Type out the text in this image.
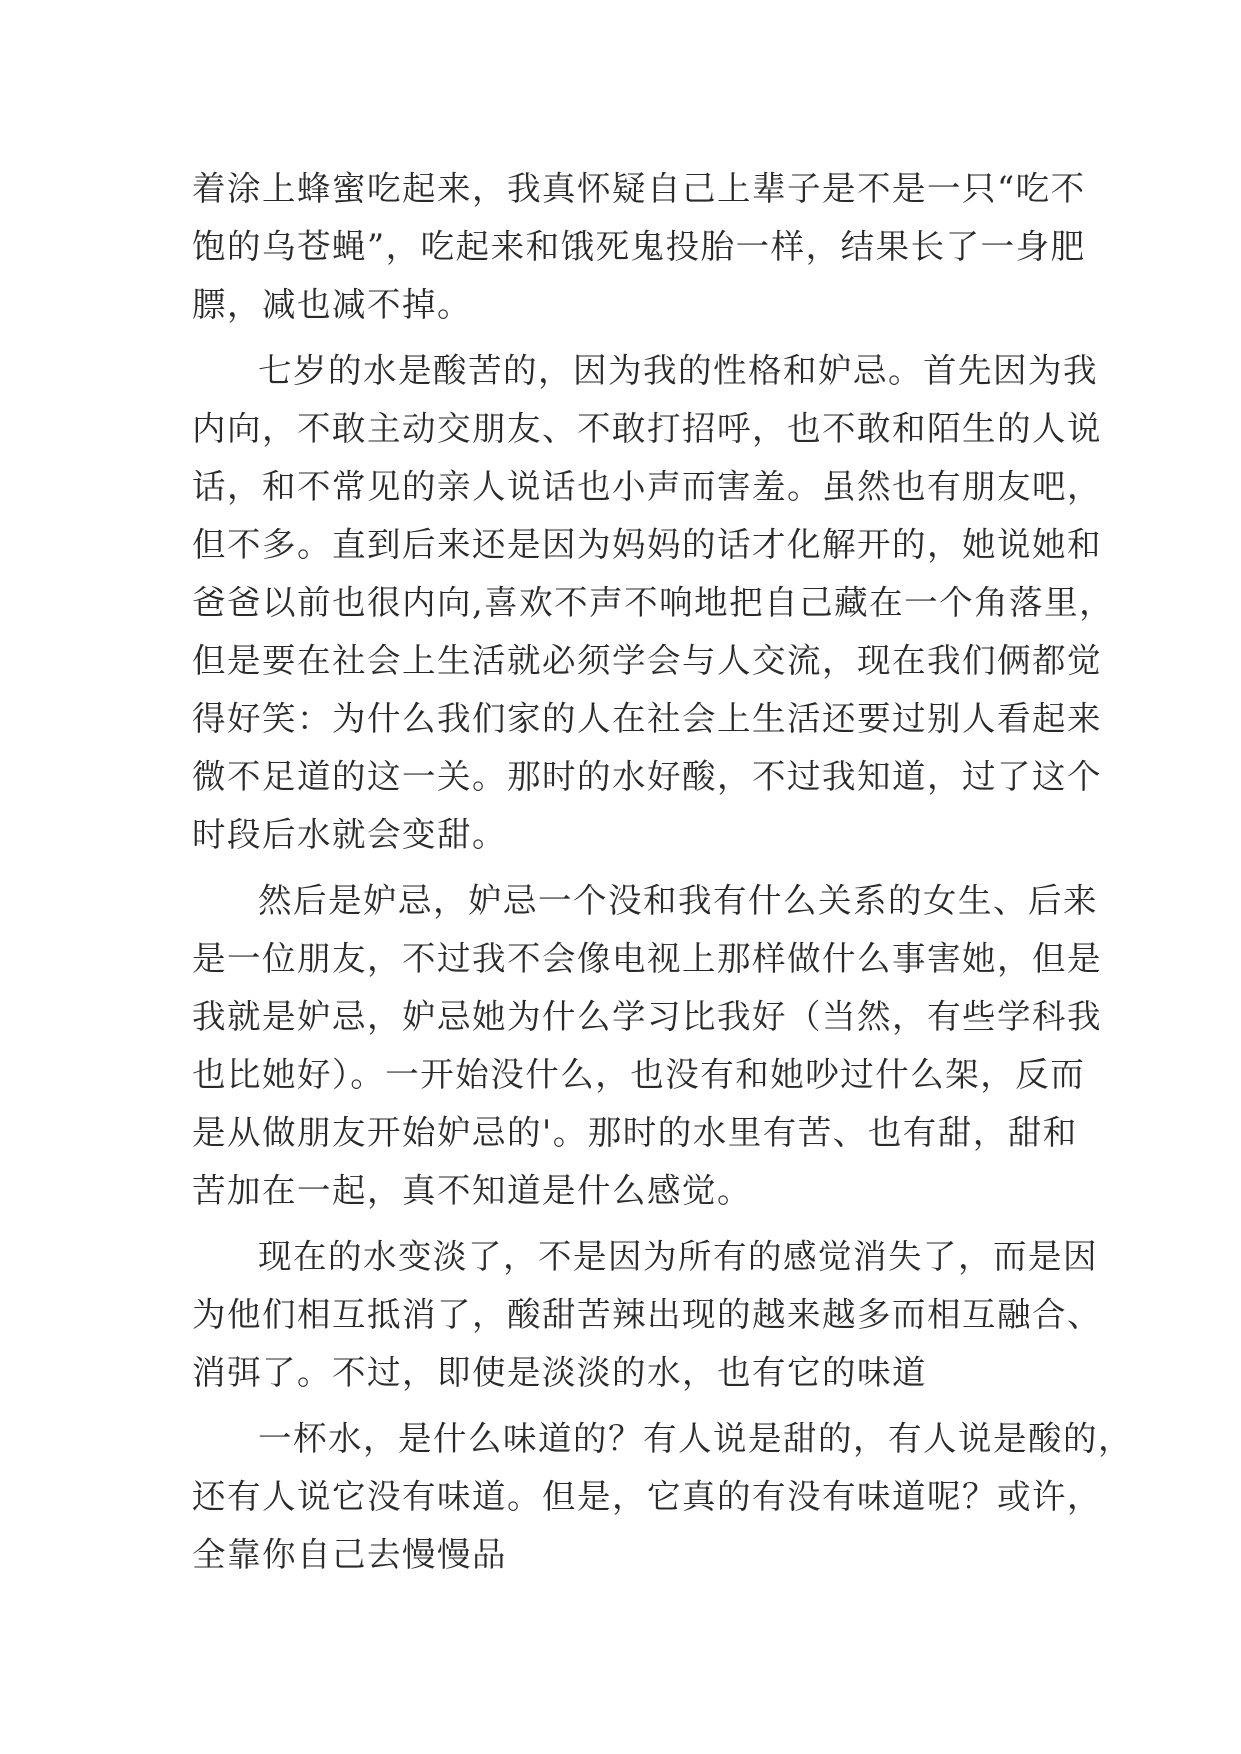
着涂上蜂蜜吃起来，我真怀疑自己上辈子是不是一只“吃不
饱的乌苍蝇”，吃起来和饿死鬼投胎一样，结果长了一身肥
膘，减也减不掉。
七岁的水是酸苦的，因为我的性格和妒忌。首先因为我
内向，不敢主动交朋友、不敢打招呼，也不敢和陌生的人说
话，和不常见的亲人说话也小声而害羞。虽然也有朋友吧，
但不多。直到后来还是因为妈妈的话才化解开的，她说她和
爸爸以前也很内向,喜欢不声不响地把自己藏在一个角落里，
但是要在社会上生活就必须学会与人交流，现在我们俩都觉
得好笑：为什么我们家的人在社会上生活还要过别人看起来
微不足道的这一关。那时的水好酸，不过我知道，过了这个
时段后水就会变甜。
然后是妒忌，妒忌一个没和我有什么关系的女生、后来
是一位朋友，不过我不会像电视上那样做什么事害她，但是
我就是妒忌，妒忌她为什么学习比我好（当然，有些学科我
也比她好）。一开始没什么，也没有和她吵过什么架，反而
是从做朋友开始妒忌的'。那时的水里有苦、也有甜，甜和
苦加在一起，真不知道是什么感觉。
现在的水变淡了，不是因为所有的感觉消失了，而是因
为他们相互抵消了，酸甜苦辣出现的越来越多而相互融合、
消弭了。不过，即使是淡淡的水，也有它的味道
一杯水，是什么味道的？有人说是甜的，有人说是酸的，
还有人说它没有味道。但是，它真的有没有味道呢？或许，
全靠你自己去慢慢品
